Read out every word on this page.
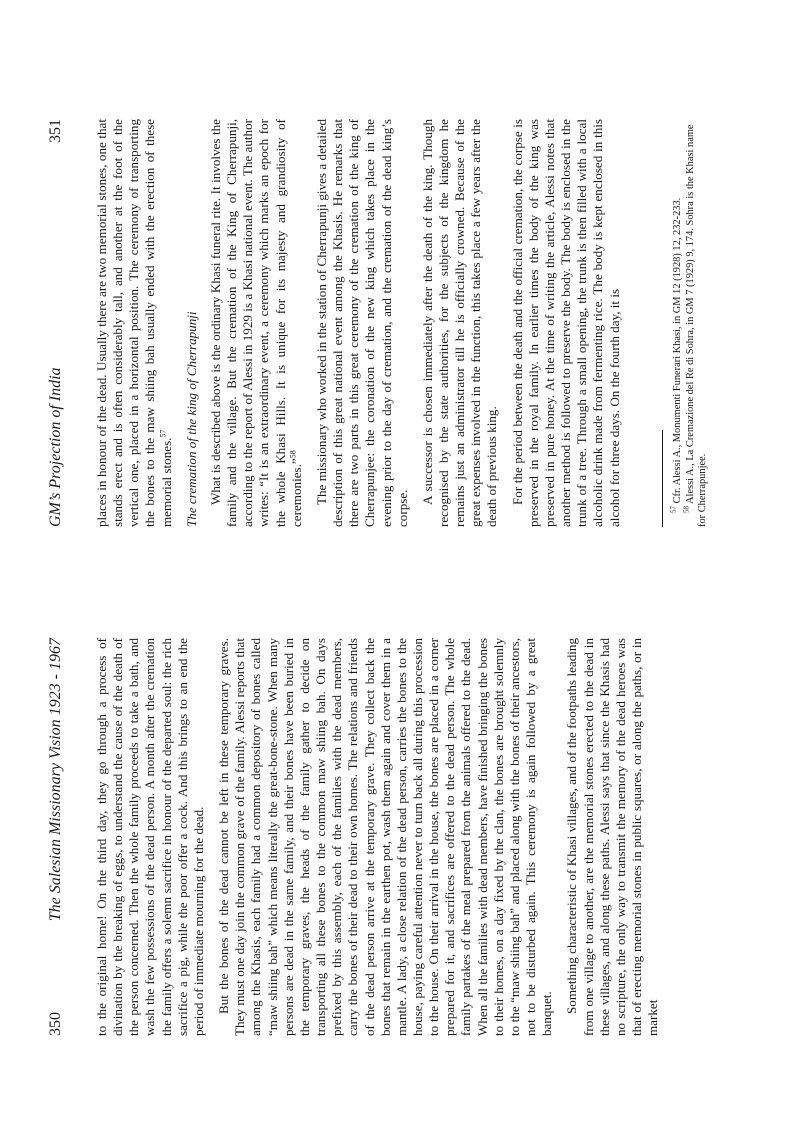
350
The Salesian Missionary Vision 1923 - 1967 to the original home! On the third day, they go through a process of divination by the breaking of eggs, to understand the cause of the death of the person concerned. Then the whole family proceeds to take a bath, and wash the few possessions of the dead person. A month after the cremation the family offers a solemn sacrifice in honour of the departed soul: the rich sacrifice a pig, while the poor offer a cock. And this brings to an end the period of immediate mourning for the dead. But the bones of the dead cannot be left in these temporary graves. They must one day join the common grave of the family. Alessi reports that among the Khasis, each family had a common depository of bones called “maw shiing bah” which means literally the great-bone-stone. When many persons are dead in the same family, and their bones have been buried in the temporary graves, the heads of the family gather to decide on transporting all these bones to the common maw shiing bah. On days prefixed by this assembly, each of the families with the dead members, carry the bones of their dead to their own homes. The relations and friends of the dead person arrive at the temporary grave. They collect back the bones that remain in the earthen pot, wash them again and cover them in a mantle. A lady, a close relation of the dead person, carries the bones to the house, paying careful attention never to turn back all during this procession to the house. On their arrival in the house, the bones are placed in a corner prepared for it, and sacrifices are offered to the dead person. The whole family partakes of the meal prepared from the animals offered to the dead. When all the families with dead members, have finished bringing the bones to their homes, on a day fixed by the clan, the bones are brought solemnly to the “maw shiing bah” and placed along with the bones of their ancestors, not to be disturbed again. This ceremony is again followed by a great banquet. Something characteristic of Khasi villages, and of the footpaths leading from one village to another, are the memorial stones erected to the dead in these villages, and along these paths. Alessi says that since the Khasis had no scripture, the only way to transmit the memory of the dead heroes was that of erecting memorial stones in public squares, or along the paths, or in market

GM’s Projection of India
351 places in honour of the dead. Usually there are two memorial stones, one that stands erect and is often considerably tall, and another at the foot of the vertical one, placed in a horizontal position. The ceremony of transporting the bones to the maw shiing bah usually ended with the erection of these memorial stones.$^{57}$	The cremation of the king of Cherrapunji What is described above is the ordinary Khasi funeral rite. It involves the family and the village. But the cremation of the King of Cherrapunji, according to the report of Alessi in 1929 is a Khasi national event. The author writes: “It is an extraordinary event, a ceremony which marks an epoch for the whole Khasi Hills. It is unique for its majesty and grandiosity of ceremonies.”$^{58}$	The missionary who worked in the station of Cherrapunji gives a detailed description of this great national event among the Khasis. He remarks that there are two parts in this great ceremony of the cremation of the king of Cherrapunjee: the coronation of the new king which takes place in the evening prior to the day of cremation, and the cremation of the dead king’s corpse.

A successor is chosen immediately after the death of the king. Though recognised by the state authorities, for the subjects of the kingdom he remains just an administrator till he is officially crowned. Because of the great expenses involved in the function, this takes place a few years after the death of previous king. For the period between the death and the official cremation, the corpse is preserved in the royal family. In earlier times the body of the king was preserved in pure honey. At the time of writing the article, Alessi notes that another method is followed to preserve the body. The body is enclosed in the trunk of a tree. Through a small opening, the trunk is then filled with a local alcoholic drink made from fermenting rice. The body is kept enclosed in this alcohol for three days. On the fourth day, it is	$^{57}$ Cfr. Alessi A., Monumenti Funerari Khasi, in GM 12 (1928) 12, 232-233.

$^{58}$ Alessi A., La Cremazione del Re di Sohra, in GM 7 (1929) 9, 174. Sohra is the Khasi name for Cherrapunjee.
